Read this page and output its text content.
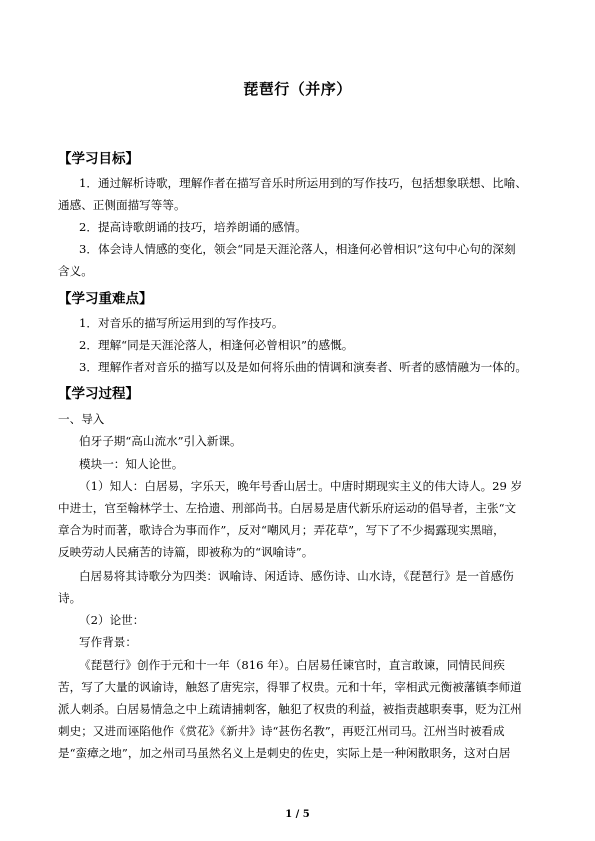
琵琶行（并序）
【学习目标】
1．通过解析诗歌，理解作者在描写音乐时所运用到的写作技巧，包括想象联想、比喻、
通感、正侧面描写等等。
2．提高诗歌朗诵的技巧，培养朗诵的感情。
3．体会诗人情感的变化，领会“同是天涯沦落人，相逢何必曾相识”这句中心句的深刻
含义。
【学习重难点】
1．对音乐的描写所运用到的写作技巧。
2．理解“同是天涯沦落人，相逢何必曾相识”的感慨。
3．理解作者对音乐的描写以及是如何将乐曲的情调和演奏者、听者的感情融为一体的。
【学习过程】
一、导入
伯牙子期“高山流水”引入新课。
模块一：知人论世。
（1）知人：白居易，字乐天，晚年号香山居士。中唐时期现实主义的伟大诗人。29 岁
中进士，官至翰林学士、左拾遗、刑部尚书。白居易是唐代新乐府运动的倡导者，主张“文
章合为时而著，歌诗合为事而作”，反对“嘲风月；弄花草”，写下了不少揭露现实黑暗，
反映劳动人民痛苦的诗篇，即被称为的“讽喻诗”。
白居易将其诗歌分为四类：讽喻诗、闲适诗、感伤诗、山水诗，《琵琶行》是一首感伤
诗。
（2）论世：
写作背景：
《琵琶行》创作于元和十一年（816 年）。白居易任谏官时，直言敢谏，同情民间疾
苦，写了大量的讽谕诗，触怒了唐宪宗，得罪了权贵。元和十年，宰相武元衡被藩镇李师道
派人刺杀。白居易情急之中上疏请捕刺客，触犯了权贵的利益，被指责越职奏事，贬为江州
刺史；又进而诬陷他作《赏花》《新井》诗“甚伤名教”，再贬江州司马。江州当时被看成
是“蛮瘴之地”，加之州司马虽然名义上是刺史的佐史，实际上是一种闲散职务，这对白居
1 / 5
